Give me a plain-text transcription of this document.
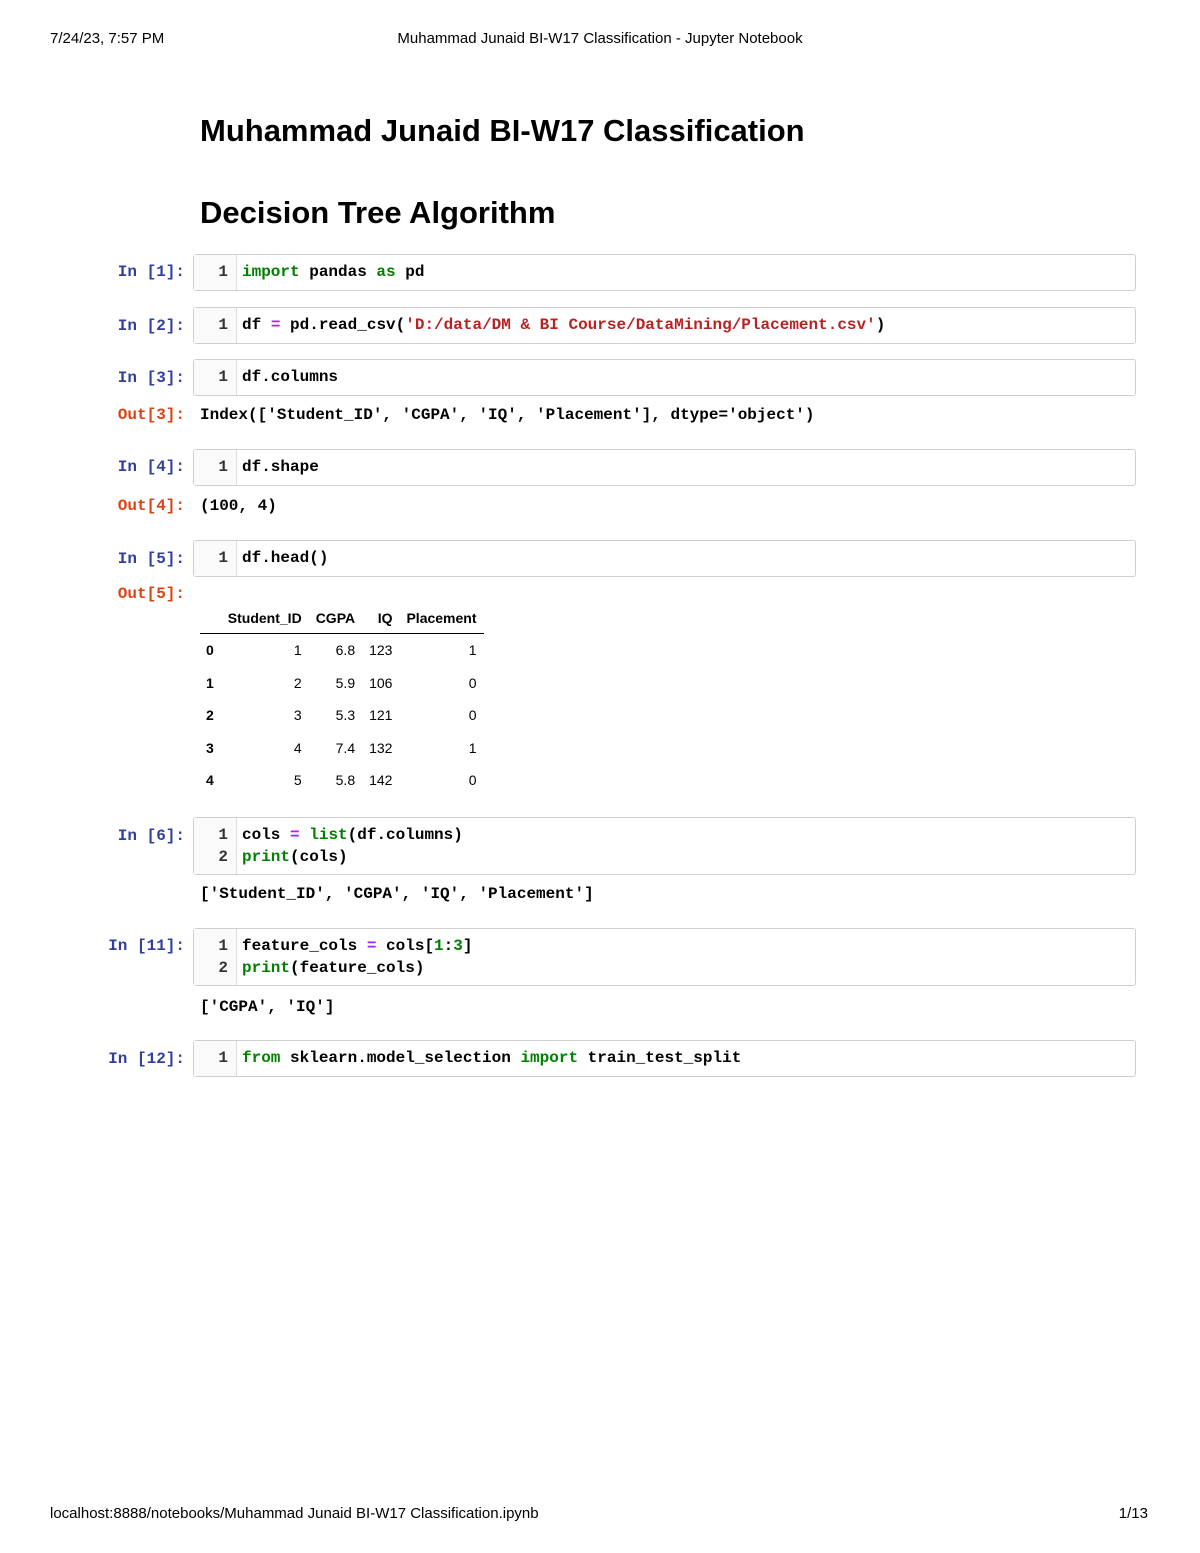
7/24/23, 7:57 PM	Muhammad Junaid BI-W17 Classification - Jupyter Notebook
Muhammad Junaid BI-W17 Classification
Decision Tree Algorithm
In [1]:	1 import pandas as pd
In [2]:	1 df = pd.read_csv('D:/data/DM & BI Course/DataMining/Placement.csv')
In [3]:	1 df.columns
Out[3]: Index(['Student_ID', 'CGPA', 'IQ', 'Placement'], dtype='object')
In [4]:	1 df.shape
Out[4]: (100, 4)
In [5]:	1 df.head()
Out[5]:
	Student_ID	CGPA	IQ	Placement
0	1	6.8	123	1
1	2	5.9	106	0
2	3	5.3	121	0
3	4	7.4	132	1
4	5	5.8	142	0
In [6]:	1 cols = list(df.columns)
2 print(cols)
['Student_ID', 'CGPA', 'IQ', 'Placement']
In [11]:	1 feature_cols = cols[1:3]
2 print(feature_cols)
['CGPA', 'IQ']
In [12]:	1 from sklearn.model_selection import train_test_split
localhost:8888/notebooks/Muhammad Junaid BI-W17 Classification.ipynb	1/13
